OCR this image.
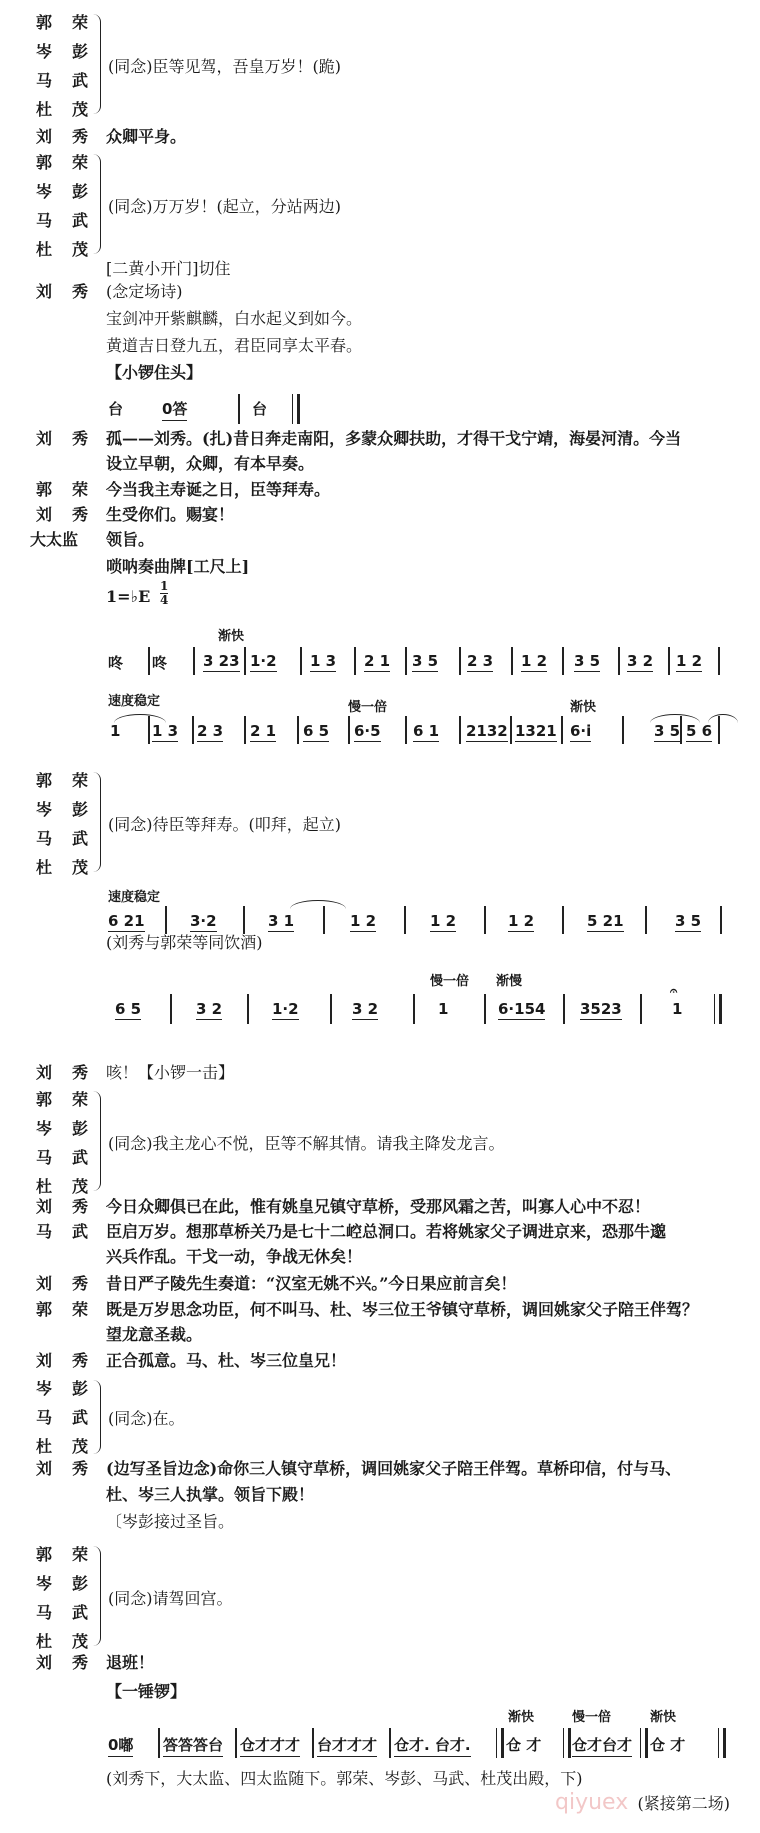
郭 荣
岑 彭
马 武
杜 茂
(同念)臣等见驾，吾皇万岁！(跪)
刘 秀 众卿平身。
郭 荣
岑 彭
马 武
杜 茂
(同念)万万岁！(起立，分站两边)
[二黄小开门]切住
刘 秀 (念定场诗)
宝剑冲开紫麒麟，白水起义到如今。
黄道吉日登九五，君臣同享太平春。
【小锣住头】
台	0答	台
刘 秀 孤——刘秀。(扎)昔日奔走南阳，多蒙众卿扶助，才得干戈宁靖，海晏河清。今当
设立早朝，众卿，有本早奏。
郭 荣 今当我主寿诞之日，臣等拜寿。
刘 秀 生受你们。赐宴！
大太监 领旨。
唢呐奏曲牌[工尺上]
1=♭E
1
4
渐快
咚 咚 3 23 1·2 1 3 2 1 3 5 2 3 1 2 3 5 3 2 1 2
速度稳定	慢一倍	渐快
1 1 3 2 3 2 1 6 5 6·5 6 1 2132 1321 6·i	3 5 5 6
郭 荣
岑 彭
马 武
杜 茂
(同念)待臣等拜寿。(叩拜，起立)
速度稳定
6 21	3·2	3 1	1 2	1 2	1 2	5 21	3 5
(刘秀与郭荣等同饮酒)
慢一倍 渐慢
6 5	3 2	1·2	3 2	1	6·154 3523
𝄐
1
刘 秀 咳！【小锣一击】
郭 荣
岑 彭
马 武
杜 茂
(同念)我主龙心不悦，臣等不解其情。请我主降发龙言。
刘 秀 今日众卿俱已在此，惟有姚皇兄镇守草桥，受那风霜之苦，叫寡人心中不忍！
马 武 臣启万岁。想那草桥关乃是七十二崆总洞口。若将姚家父子调进京来，恐那牛邈
兴兵作乱。干戈一动，争战无休矣！
刘 秀 昔日严子陵先生奏道：“汉室无姚不兴。”今日果应前言矣！
郭 荣 既是万岁思念功臣，何不叫马、杜、岑三位王爷镇守草桥，调回姚家父子陪王伴驾？
望龙意圣裁。
刘 秀 正合孤意。马、杜、岑三位皇兄！
岑 彭
马 武
杜 茂
(同念)在。
刘 秀 (边写圣旨边念)命你三人镇守草桥，调回姚家父子陪王伴驾。草桥印信，付与马、
杜、岑三人执掌。领旨下殿！
〔岑彭接过圣旨。
郭 荣
岑 彭
马 武
杜 茂
(同念)请驾回宫。
刘 秀 退班！
【一锤锣】
渐快	慢一倍	渐快
0嘟 答答答台 仓才才才 台才才才 仓才. 台才. 仓 才 仓才台才 仓 才
(刘秀下，大太监、四太监随下。郭荣、岑彭、马武、杜茂出殿，下)
qiyuex (紧接第二场)
